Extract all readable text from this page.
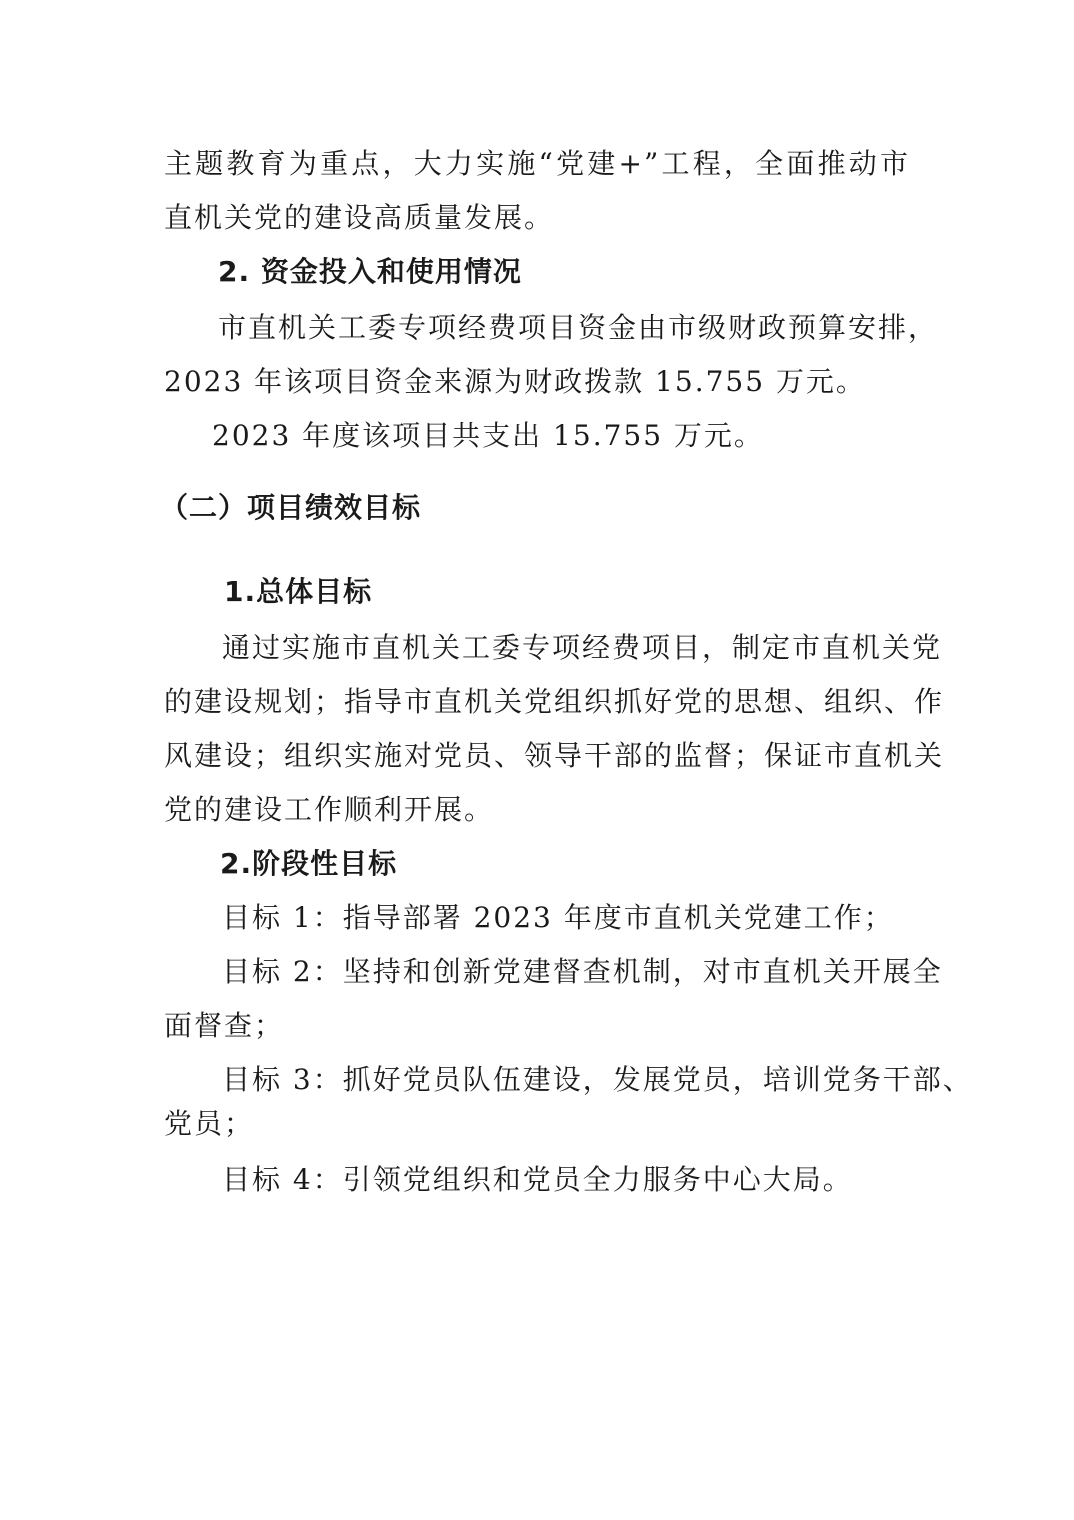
主题教育为重点，大力实施“党建+”工程，全面推动市
直机关党的建设高质量发展。
2. 资金投入和使用情况
市直机关工委专项经费项目资金由市级财政预算安排，
2023 年该项目资金来源为财政拨款 15.755 万元。
2023 年度该项目共支出 15.755 万元。
（二）项目绩效目标
1.总体目标
通过实施市直机关工委专项经费项目，制定市直机关党
的建设规划；指导市直机关党组织抓好党的思想、组织、作
风建设；组织实施对党员、领导干部的监督；保证市直机关
党的建设工作顺利开展。
2.阶段性目标
目标 1：指导部署 2023 年度市直机关党建工作；
目标 2：坚持和创新党建督查机制，对市直机关开展全
面督查；
目标 3：抓好党员队伍建设，发展党员，培训党务干部、
党员；
目标 4：引领党组织和党员全力服务中心大局。
